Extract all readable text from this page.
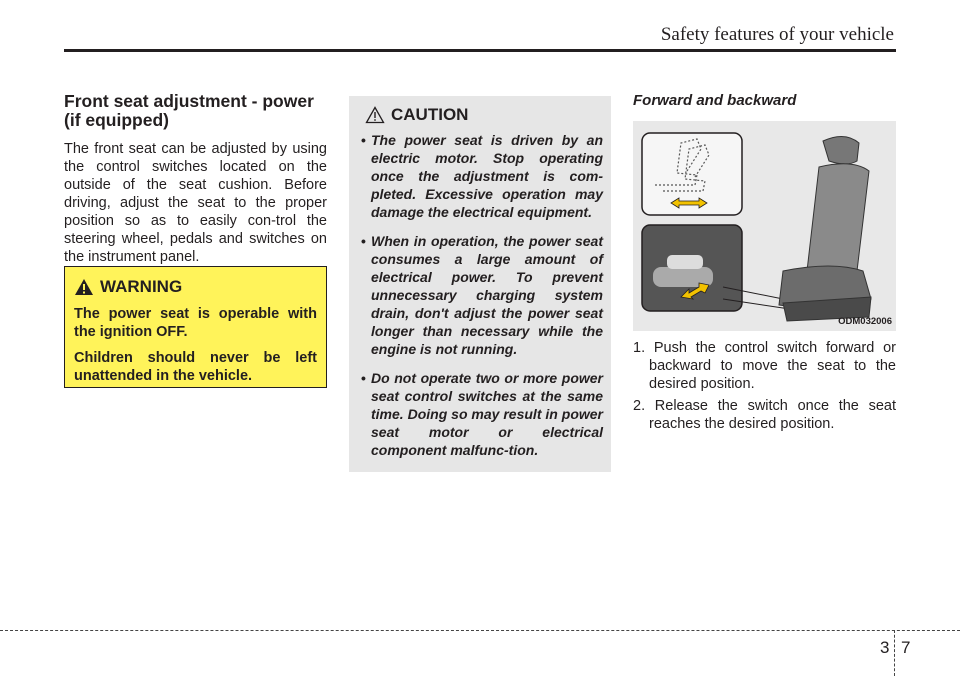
Safety features of your vehicle
Front seat adjustment - power (if equipped)

The front seat can be adjusted by using the control switches located on the outside of the seat cushion. Before driving, adjust the seat to the proper position so as to easily con-trol the steering wheel, pedals and switches on the instrument panel.

WARNING

The power seat is operable with the ignition OFF.

Children should never be left unattended in the vehicle.

CAUTION
• The power seat is driven by an electric motor. Stop operating once the adjustment is com-pleted. Excessive operation may damage the electrical equipment.
• When in operation, the power seat consumes a large amount of electrical power. To prevent unnecessary charging system drain, don't adjust the power seat longer than necessary while the engine is not running.
• Do not operate two or more power seat control switches at the same time. Doing so may result in power seat motor or electrical component malfunc-tion.
Forward and backward
ODM032006
1. Push the control switch forward or backward to move the seat to the desired position.
2. Release the switch once the seat reaches the desired position.
3 7
